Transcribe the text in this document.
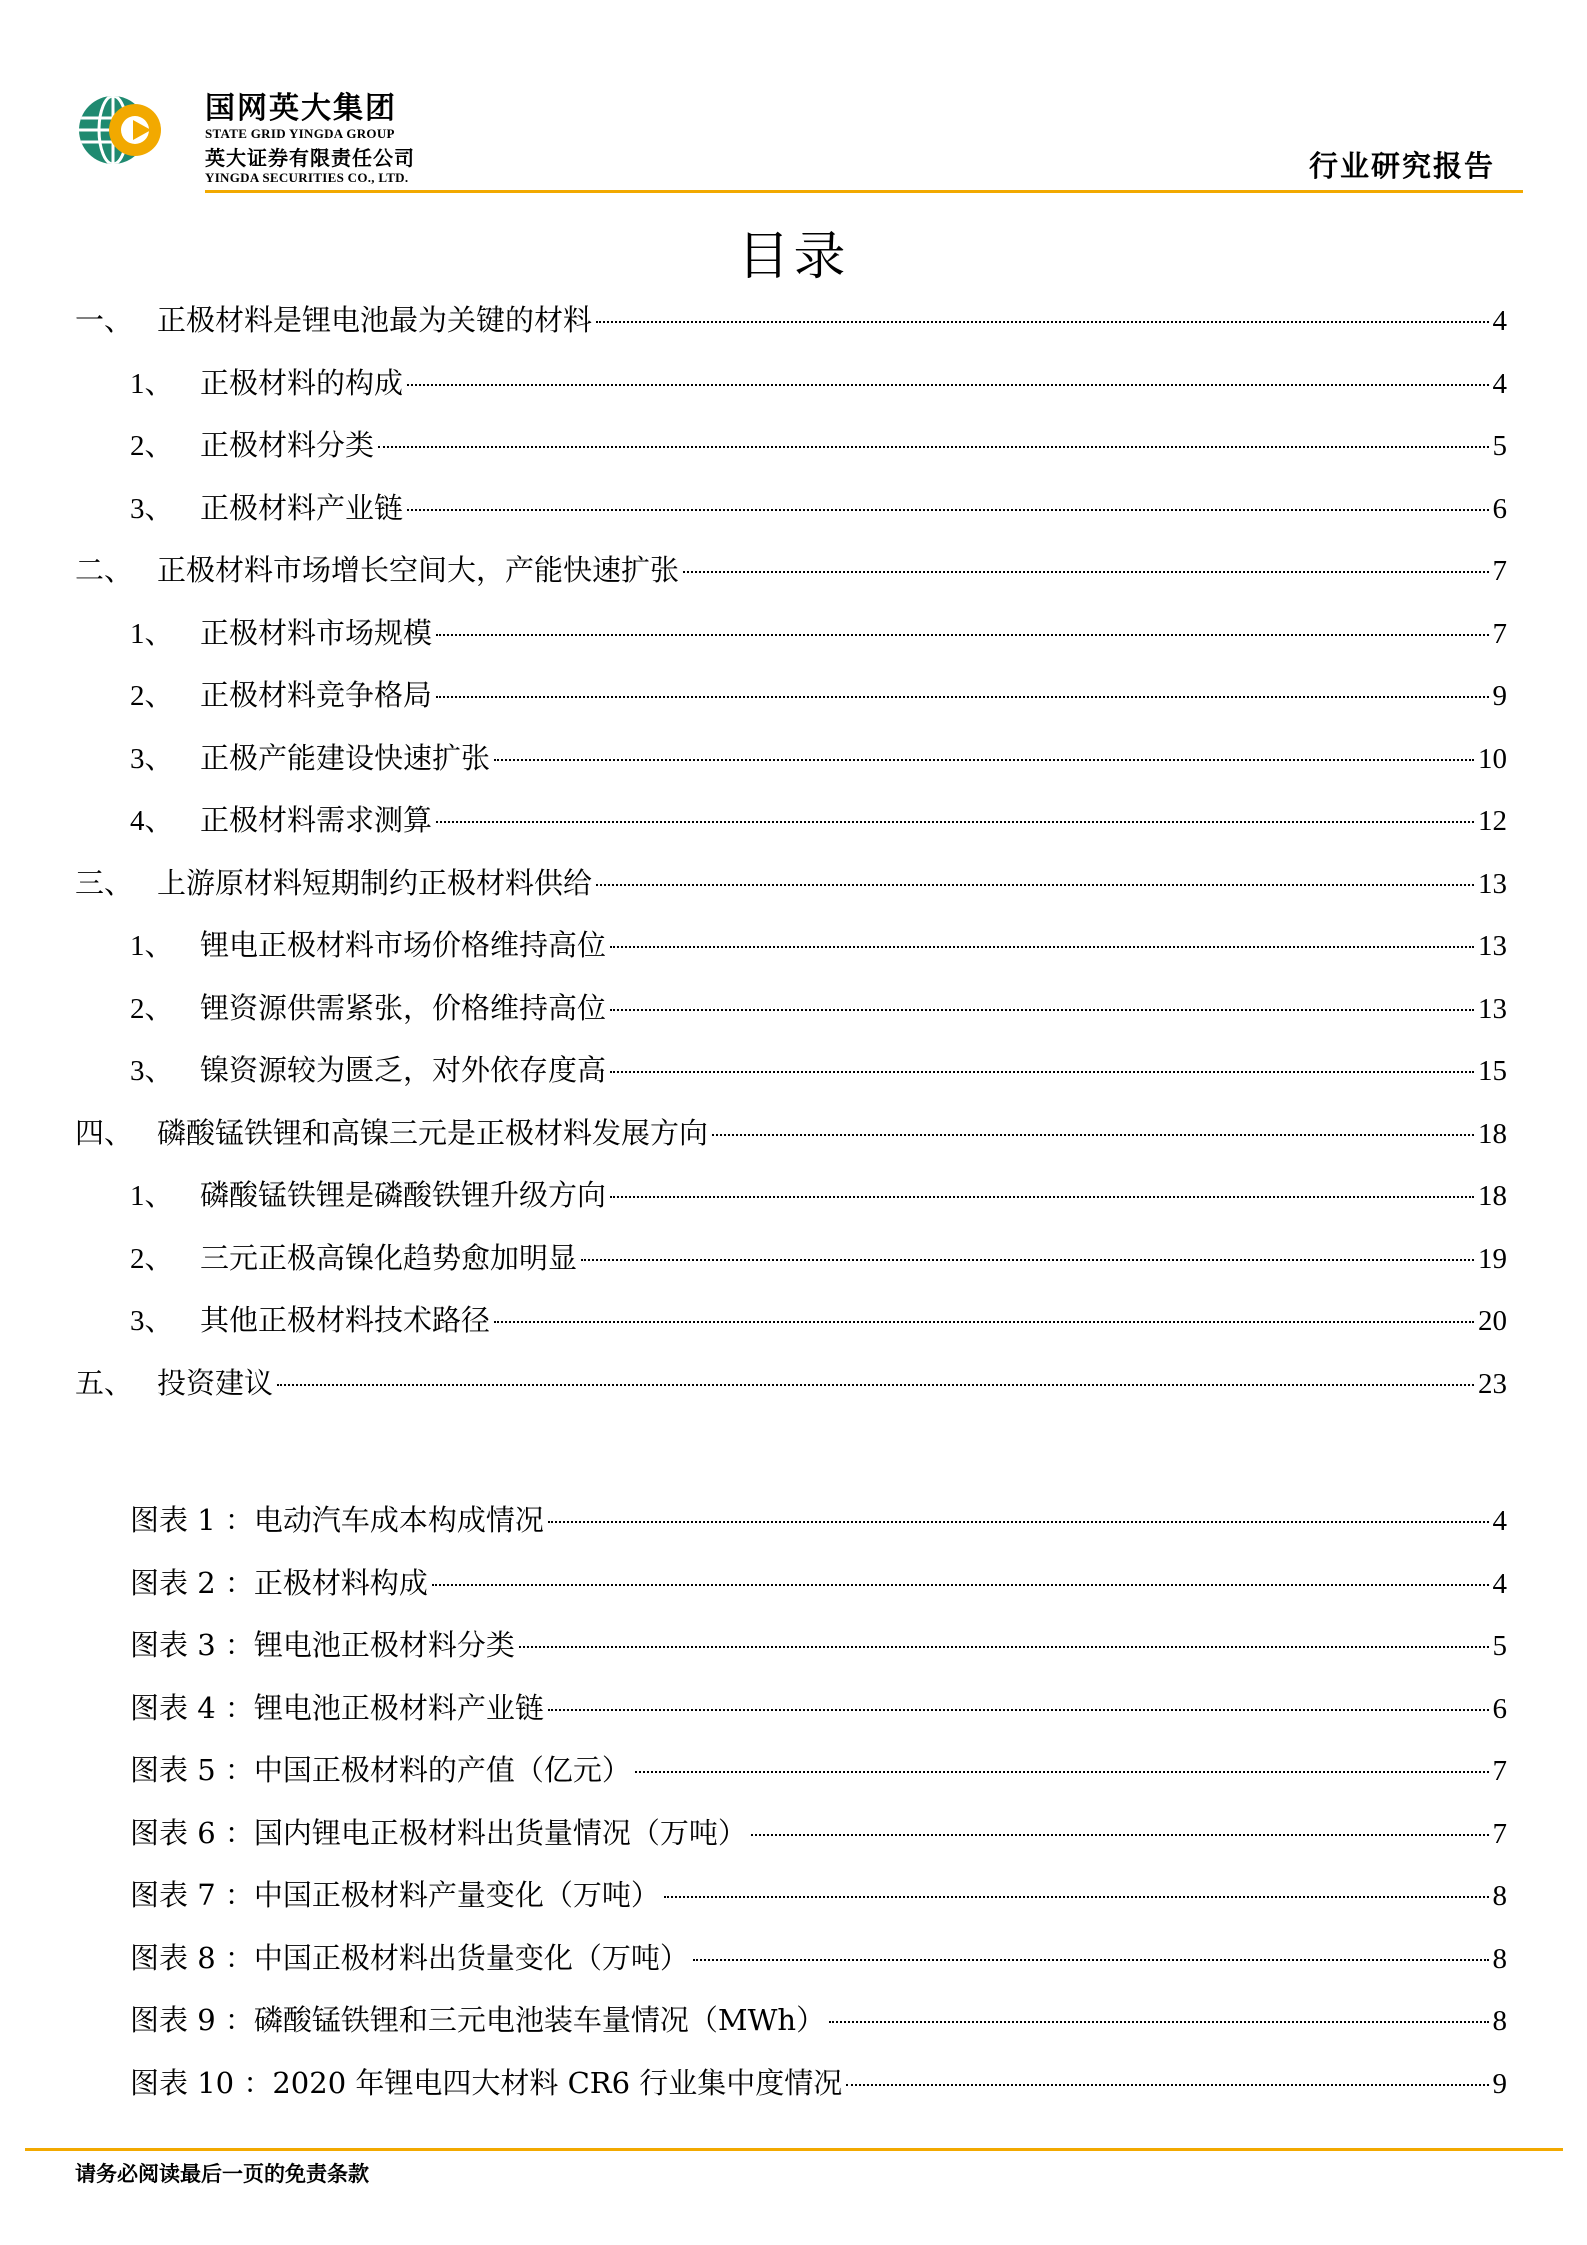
国网英大集团
STATE GRID YINGDA GROUP
英大证券有限责任公司
YINGDA SECURITIES CO., LTD.	行业研究报告
目录
一、 正极材料是锂电池最为关键的材料	4
1、 正极材料的构成	4
2、 正极材料分类	5
3、 正极材料产业链	6
二、 正极材料市场增长空间大，产能快速扩张	7
1、 正极材料市场规模	7
2、 正极材料竞争格局	9
3、 正极产能建设快速扩张	10
4、 正极材料需求测算	12
三、 上游原材料短期制约正极材料供给	13
1、 锂电正极材料市场价格维持高位	13
2、 锂资源供需紧张，价格维持高位	13
3、 镍资源较为匮乏，对外依存度高	15
四、 磷酸锰铁锂和高镍三元是正极材料发展方向	18
1、 磷酸锰铁锂是磷酸铁锂升级方向	18
2、 三元正极高镍化趋势愈加明显	19
3、 其他正极材料技术路径	20
五、 投资建议	23
图表 1 ： 电动汽车成本构成情况	4
图表 2 ： 正极材料构成	4
图表 3 ： 锂电池正极材料分类	5
图表 4 ： 锂电池正极材料产业链	6
图表 5 ： 中国正极材料的产值（亿元）	7
图表 6 ： 国内锂电正极材料出货量情况（万吨）	7
图表 7 ： 中国正极材料产量变化（万吨）	8
图表 8 ： 中国正极材料出货量变化（万吨）	8
图表 9 ： 磷酸锰铁锂和三元电池装车量情况（MWh）	8
图表 10 ： 2020 年锂电四大材料 CR6 行业集中度情况	9
请务必阅读最后一页的免责条款
